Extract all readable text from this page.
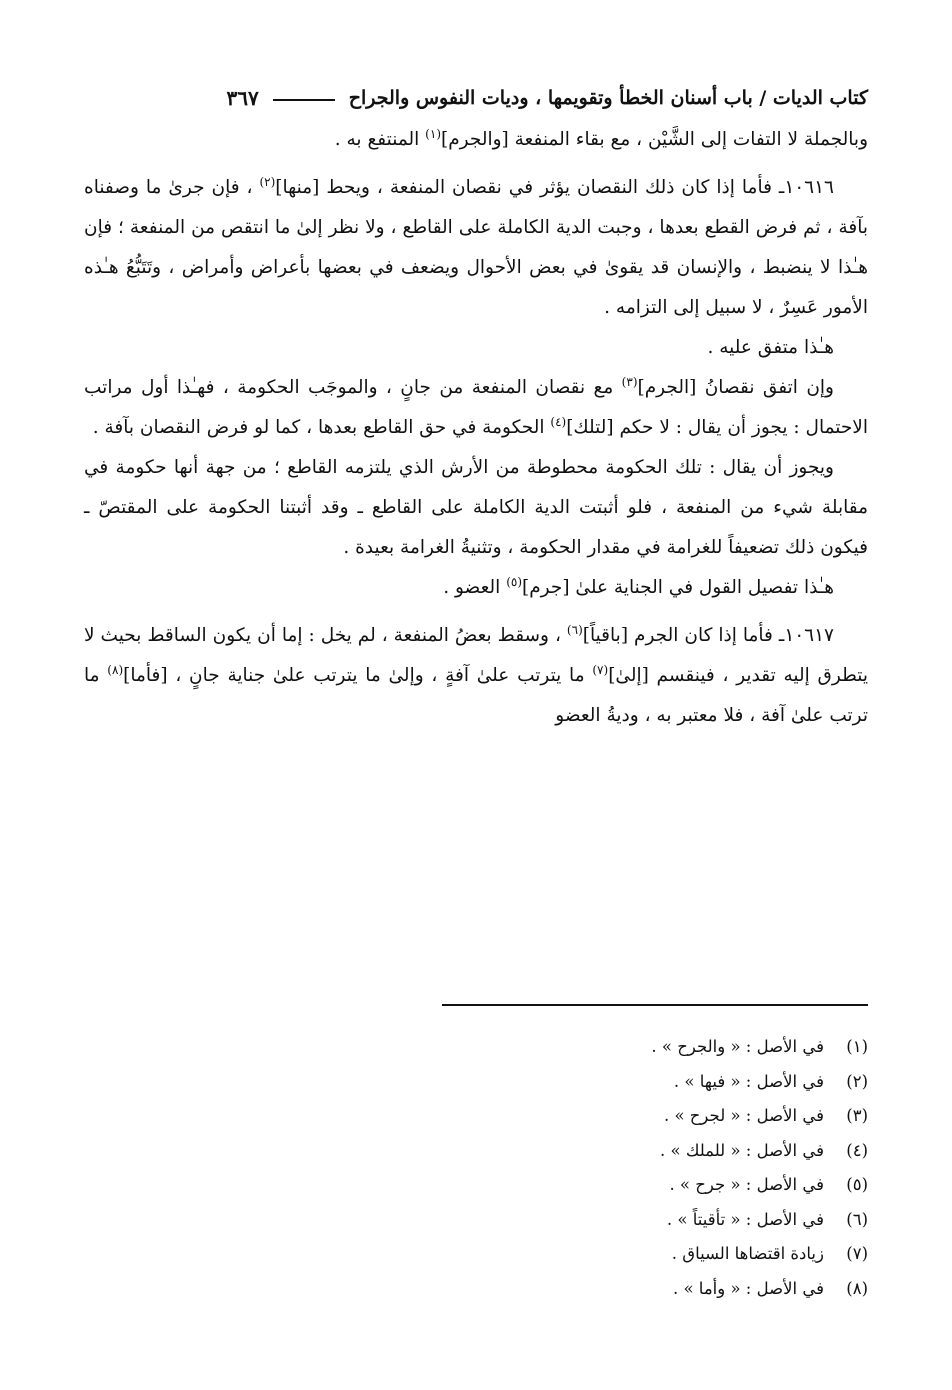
كتاب الديات / باب أسنان الخطأ وتقويمها ، وديات النفوس والجراح
٣٦٧

وبالجملة لا التفات إلى الشَّيْن ، مع بقاء المنفعة [والجرم]$^{(١)}$ المنتفع به .

١٠٦١٦ـ فأما إذا كان ذلك النقصان يؤثر في نقصان المنفعة ، ويحط [منها]$^{(٢)}$ ، فإن جرىٰ ما وصفناه بآفة ، ثم فرض القطع بعدها ، وجبت الدية الكاملة على القاطع ، ولا نظر إلىٰ ما انتقص من المنفعة ؛ فإن هـٰذا لا ينضبط ، والإنسان قد يقوىٰ في بعض الأحوال ويضعف في بعضها بأعراض وأمراض ، وتَتَبُّعُ هـٰذه الأمور عَسِرٌ ، لا سبيل إلى التزامه .

هـٰذا متفق عليه .

وإن اتفق نقصانُ [الجرم]$^{(٣)}$ مع نقصان المنفعة من جانٍ ، والموجَب الحكومة ، فهـٰذا أول مراتب الاحتمال : يجوز أن يقال : لا حكم [لتلك]$^{(٤)}$ الحكومة في حق القاطع بعدها ، كما لو فرض النقصان بآفة .

ويجوز أن يقال : تلك الحكومة محطوطة من الأرش الذي يلتزمه القاطع ؛ من جهة أنها حكومة في مقابلة شيء من المنفعة ، فلو أثبتت الدية الكاملة على القاطع ـ وقد أثبتنا الحكومة على المقتصّ ـ فيكون ذلك تضعيفاً للغرامة في مقدار الحكومة ، وتثنيةُ الغرامة بعيدة .

هـٰذا تفصيل القول في الجناية علىٰ [جرم]$^{(٥)}$ العضو .

١٠٦١٧ـ فأما إذا كان الجرم [باقياً]$^{(٦)}$ ، وسقط بعضُ المنفعة ، لم يخل : إما أن يكون الساقط بحيث لا يتطرق إليه تقدير ، فينقسم [إلىٰ]$^{(٧)}$ ما يترتب علىٰ آفةٍ ، وإلىٰ ما يترتب علىٰ جناية جانٍ ، [فأما]$^{(٨)}$ ما ترتب علىٰ آفة ، فلا معتبر به ، وديةُ العضو

(١)
في الأصل : « والجرح » .
(٢)
في الأصل : « فيها » .
(٣)
في الأصل : « لجرح » .
(٤)
في الأصل : « للملك » .
(٥)
في الأصل : « جرح » .
(٦)
في الأصل : « تأقيتاً » .
(٧)
زيادة اقتضاها السياق .
(٨)
في الأصل : « وأما » .
